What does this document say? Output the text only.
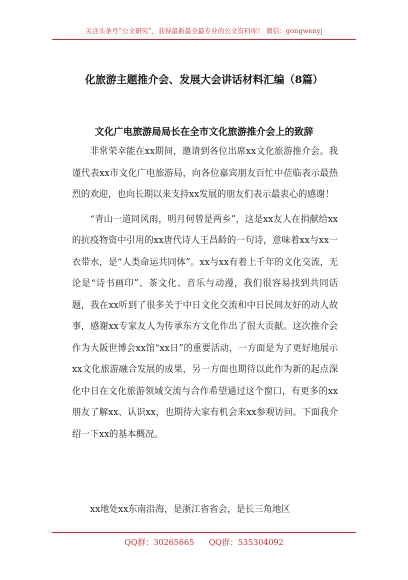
关注头条号“公文研究”，获得最新最全最专业的公文资料库！ 微信：gongwenyj
化旅游主题推介会、发展大会讲话材料汇编（8篇）
文化广电旅游局局长在全市文化旅游推介会上的致辞

非常荣幸能在xx期间，邀请到各位出席xx文化旅游推介会。我谨代表xx市文化广电旅游局，向各位嘉宾朋友百忙中莅临表示最热烈的欢迎，也向长期以来支持xx发展的朋友们表示最衷心的感谢！

“青山一道同风雨，明月何曾是两乡”，这是xx友人在捐献给xx的抗疫物资中引用的xx唐代诗人王昌龄的一句诗，意味着xx与xx一衣带水，是“人类命运共同体”。xx与xx有着上千年的文化交流，无论是“诗书画印”、茶文化、音乐与动漫，我们很容易找到共同话题，我在xx听到了很多关于中日文化交流和中日民间友好的动人故事，感谢xx专家友人为传承东方文化作出了很大贡献。这次推介会作为大阪世博会xx馆“xx日”的重要活动，一方面是为了更好地展示xx文化旅游融合发展的成果，另一方面也期待以此作为新的起点深化中日在文化旅游领域交流与合作希望通过这个窗口，有更多的xx朋友了解xx、认识xx，也期待大家有机会来xx参观访问。下面我介绍一下xx的基本概况。

xx地处xx东南沿海，是浙江省省会，是长三角地区

QQ群：30265665 QQ群：535304092
